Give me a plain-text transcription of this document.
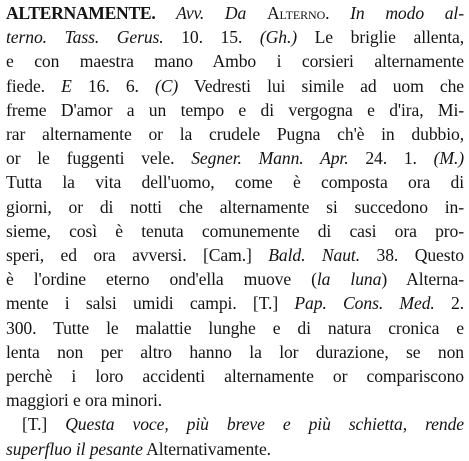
ALTERNAMENTE. Avv. Da Alterno. In modo al-
terno. Tass. Gerus. 10. 15. (Gh.) Le briglie allenta,
e con maestra mano Ambo i corsieri alternamente
fiede. E 16. 6. (C) Vedresti lui simile ad uom che
freme D'amor a un tempo e di vergogna e d'ira, Mi-
rar alternamente or la crudele Pugna ch'è in dubbio,
or le fuggenti vele. Segner. Mann. Apr. 24. 1. (M.)
Tutta la vita dell'uomo, come è composta ora di
giorni, or di notti che alternamente si succedono in-
sieme, così è tenuta comunemente di casi ora pro-
speri, ed ora avversi. [Cam.] Bald. Naut. 38. Questo
è l'ordine eterno ond'ella muove (la luna) Alterna-
mente i salsi umidi campi. [T.] Pap. Cons. Med. 2.
300. Tutte le malattie lunghe e di natura cronica e
lenta non per altro hanno la lor durazione, se non
perchè i loro accidenti alternamente or compariscono
maggiori e ora minori.
[T.] Questa voce, più breve e più schietta, rende
superfluo il pesante Alternativamente.
